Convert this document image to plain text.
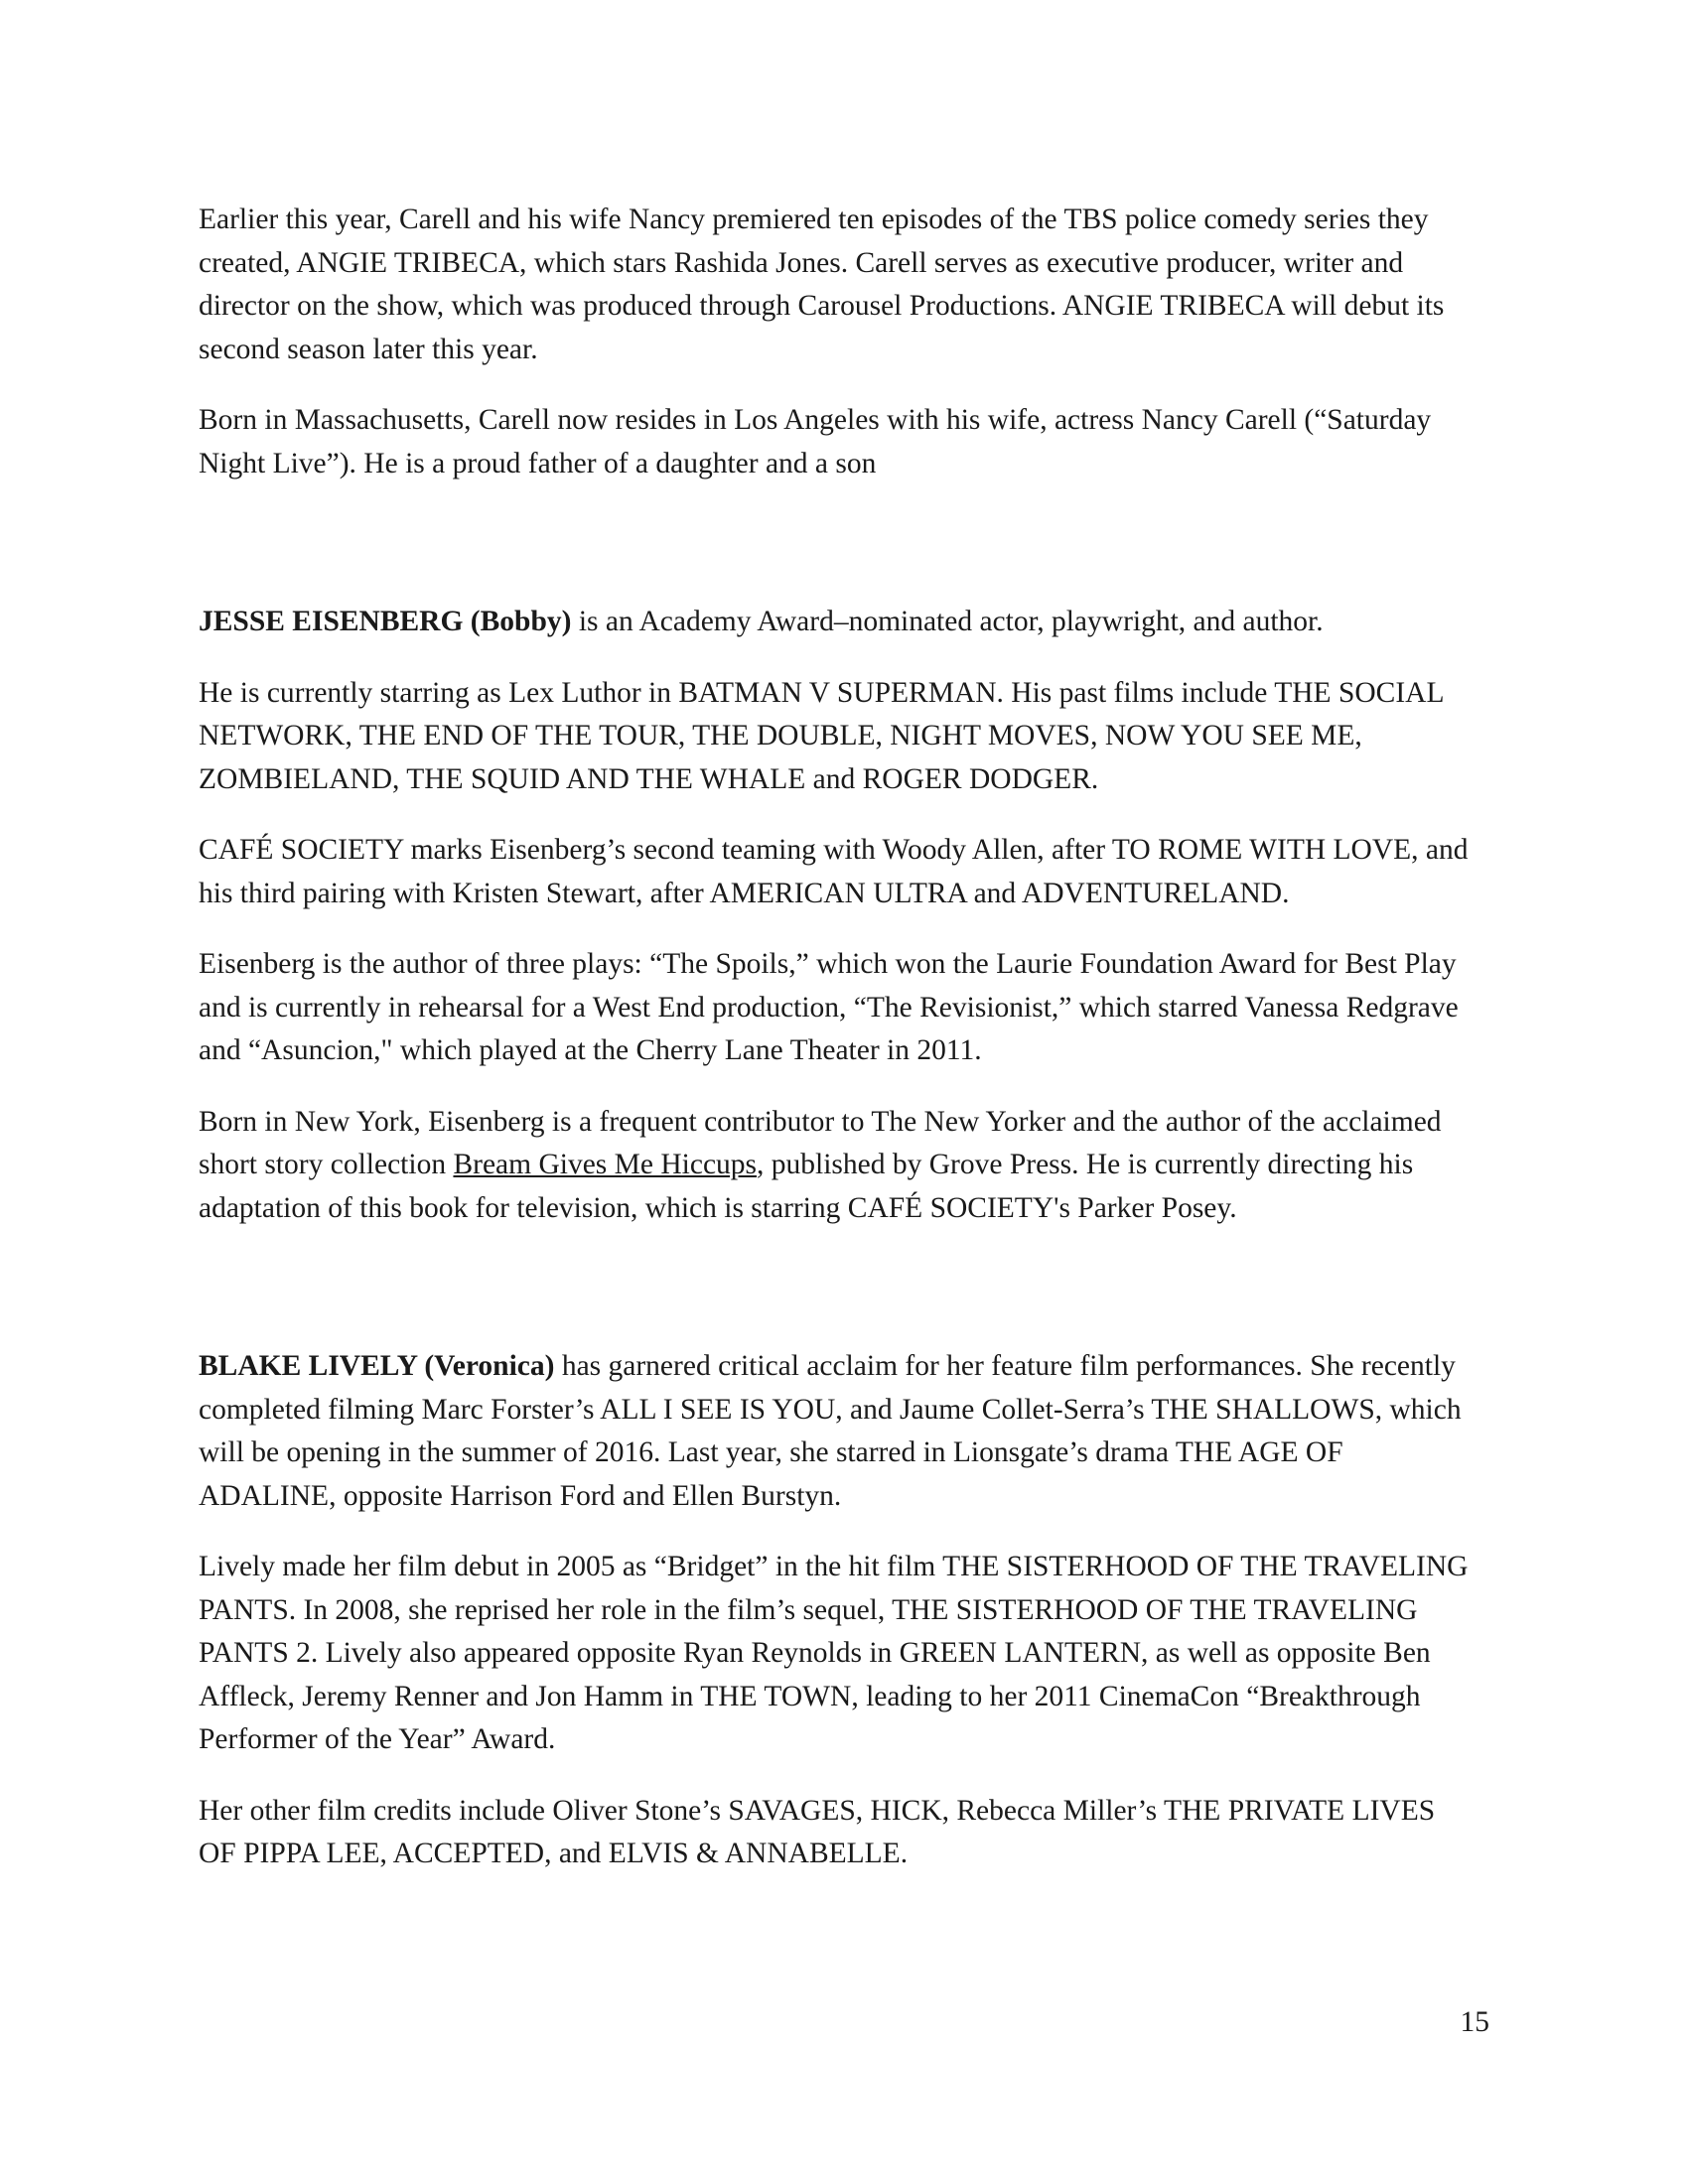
Earlier this year, Carell and his wife Nancy premiered ten episodes of the TBS police comedy series they created, ANGIE TRIBECA, which stars Rashida Jones. Carell serves as executive producer, writer and director on the show, which was produced through Carousel Productions. ANGIE TRIBECA will debut its second season later this year.

Born in Massachusetts, Carell now resides in Los Angeles with his wife, actress Nancy Carell (“Saturday Night Live”). He is a proud father of a daughter and a son

JESSE EISENBERG (Bobby) is an Academy Award–nominated actor, playwright, and author.

He is currently starring as Lex Luthor in BATMAN V SUPERMAN. His past films include THE SOCIAL NETWORK, THE END OF THE TOUR, THE DOUBLE, NIGHT MOVES, NOW YOU SEE ME, ZOMBIELAND, THE SQUID AND THE WHALE and ROGER DODGER.

CAFÉ SOCIETY marks Eisenberg’s second teaming with Woody Allen, after TO ROME WITH LOVE, and his third pairing with Kristen Stewart, after AMERICAN ULTRA and ADVENTURELAND.

Eisenberg is the author of three plays: “The Spoils,” which won the Laurie Foundation Award for Best Play and is currently in rehearsal for a West End production, “The Revisionist,” which starred Vanessa Redgrave and “Asuncion," which played at the Cherry Lane Theater in 2011.

Born in New York, Eisenberg is a frequent contributor to The New Yorker and the author of the acclaimed short story collection Bream Gives Me Hiccups, published by Grove Press. He is currently directing his adaptation of this book for television, which is starring CAFÉ SOCIETY's Parker Posey.

BLAKE LIVELY (Veronica) has garnered critical acclaim for her feature film performances. She recently completed filming Marc Forster’s ALL I SEE IS YOU, and Jaume Collet-Serra’s THE SHALLOWS, which will be opening in the summer of 2016. Last year, she starred in Lionsgate’s drama THE AGE OF ADALINE, opposite Harrison Ford and Ellen Burstyn.

Lively made her film debut in 2005 as “Bridget” in the hit film THE SISTERHOOD OF THE TRAVELING PANTS. In 2008, she reprised her role in the film’s sequel, THE SISTERHOOD OF THE TRAVELING PANTS 2. Lively also appeared opposite Ryan Reynolds in GREEN LANTERN, as well as opposite Ben Affleck, Jeremy Renner and Jon Hamm in THE TOWN, leading to her 2011 CinemaCon “Breakthrough Performer of the Year” Award.

Her other film credits include Oliver Stone’s SAVAGES, HICK, Rebecca Miller’s THE PRIVATE LIVES OF PIPPA LEE, ACCEPTED, and ELVIS & ANNABELLE.

15
